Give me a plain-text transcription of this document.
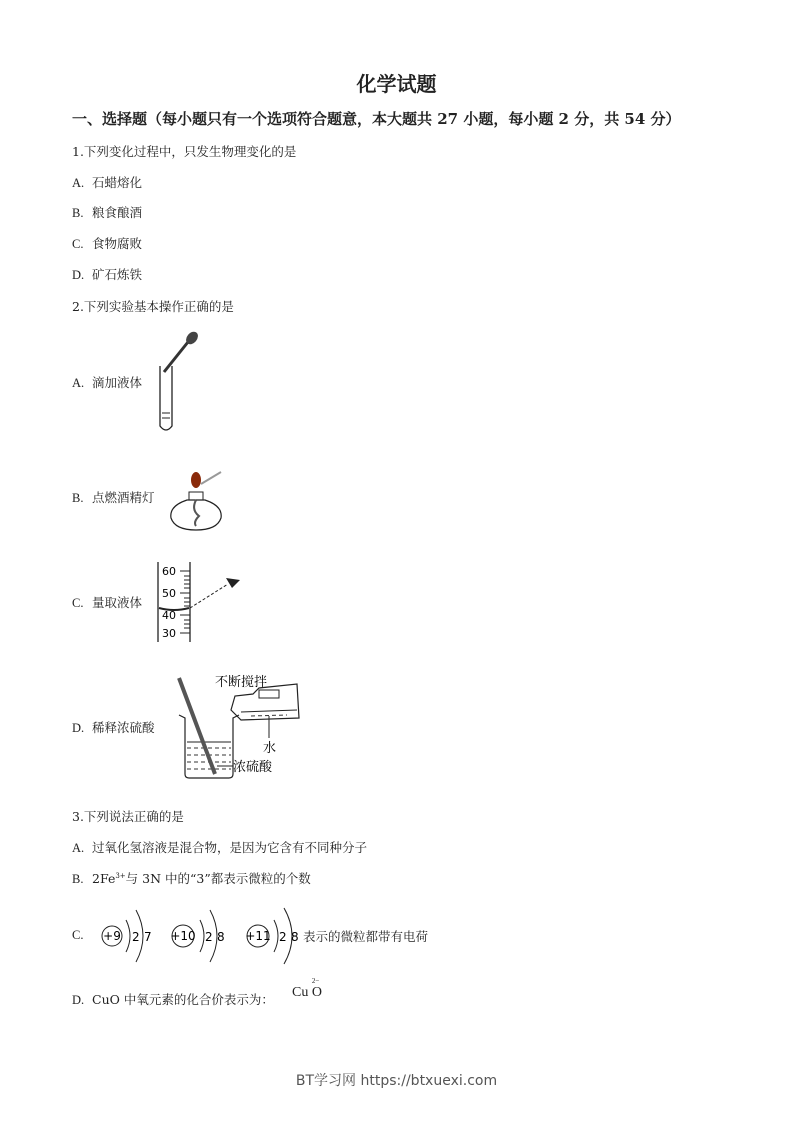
化学试题
一、选择题（每小题只有一个选项符合题意，本大题共 27 小题，每小题 2 分，共 54 分）
1.下列变化过程中，只发生物理变化的是
A. 石蜡熔化
B. 粮食酿酒
C. 食物腐败
D. 矿石炼铁
2.下列实验基本操作正确的是
A. 滴加液体
B. 点燃酒精灯
C. 量取液体
60
50
40
30
D. 稀释浓硫酸
不断搅拌
水
浓硫酸
3.下列说法正确的是
A. 过氧化氢溶液是混合物，是因为它含有不同种分子
B. $2Fe^{3+}$与 3N 中的“3”都表示微粒的个数
C.	+9 2 7 +10 2 8 +11 2 8 表示的微粒都带有电荷
D. CuO 中氧元素的化合价表示为： Cu
2−
O
BT学习网 https://btxuexi.com
